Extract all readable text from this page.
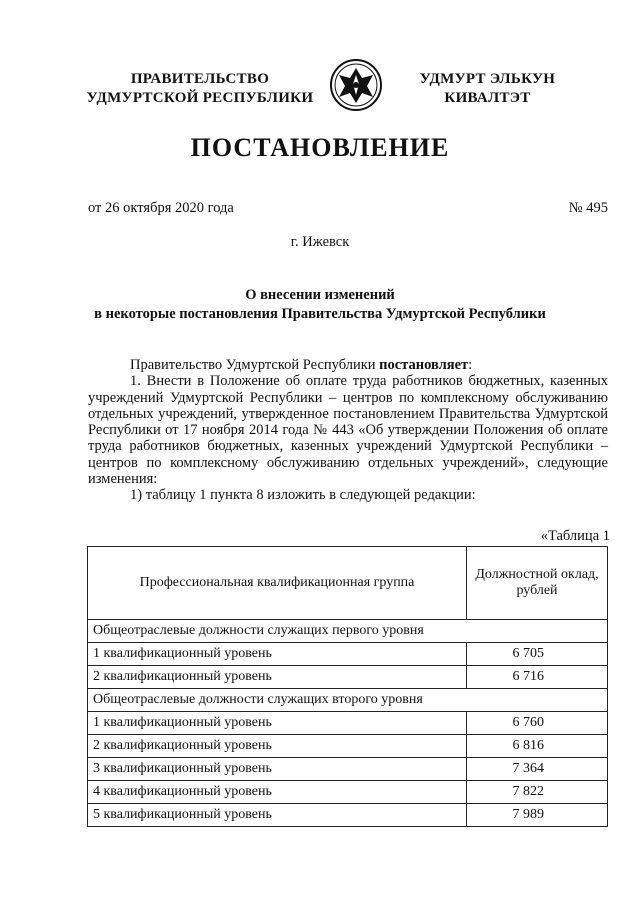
ПРАВИТЕЛЬСТВО
УДМУРТСКОЙ РЕСПУБЛИКИ
УДМУРТ ЭЛЬКУН
КИВАЛТЭТ
ПОСТАНОВЛЕНИЕ
от 26 октября 2020 года	№ 495
г. Ижевск
О внесении изменений
в некоторые постановления Правительства Удмуртской Республики

Правительство Удмуртской Республики постановляет:

1. Внести в Положение об оплате труда работников бюджетных, казенных учреждений Удмуртской Республики – центров по комплексному обслуживанию отдельных учреждений, утвержденное постановлением Правительства Удмуртской Республики от 17 ноября 2014 года № 443 «Об утверждении Положения об оплате труда работников бюджетных, казенных учреждений Удмуртской Республики – центров по комплексному обслуживанию отдельных учреждений», следующие изменения:

1) таблицу 1 пункта 8 изложить в следующей редакции:

«Таблица 1
Профессиональная квалификационная группа	Должностной оклад, рублей
Общеотраслевые должности служащих первого уровня	
1 квалификационный уровень	6 705
2 квалификационный уровень	6 716
Общеотраслевые должности служащих второго уровня	
1 квалификационный уровень	6 760
2 квалификационный уровень	6 816
3 квалификационный уровень	7 364
4 квалификационный уровень	7 822
5 квалификационный уровень	7 989
